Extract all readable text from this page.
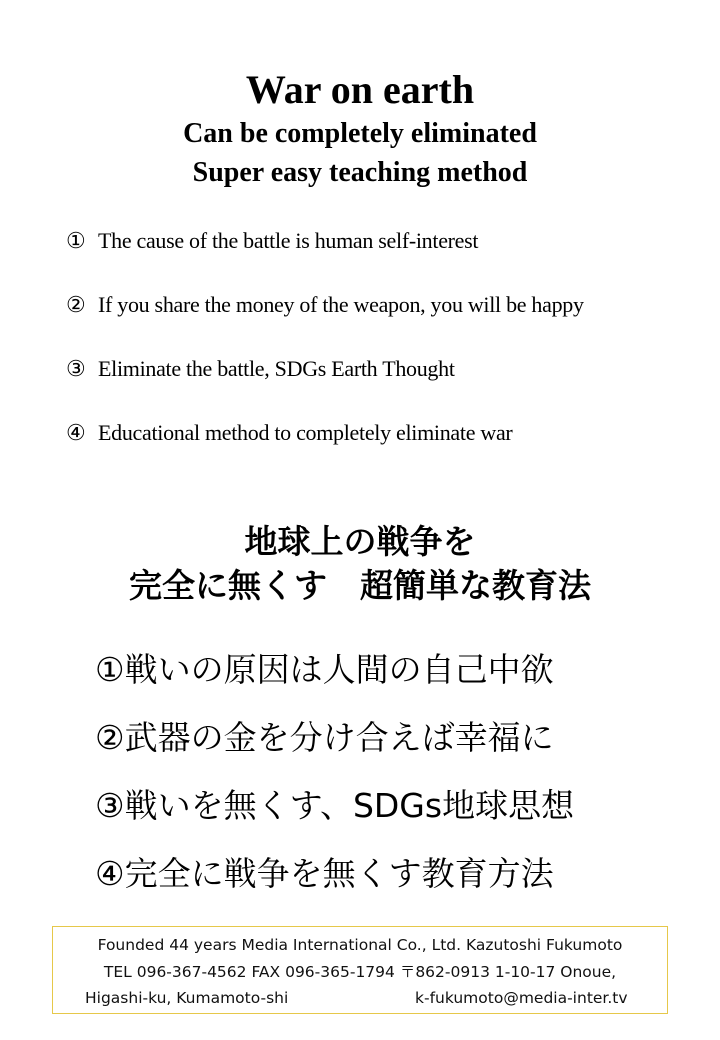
War on earth
Can be completely eliminated
Super easy teaching method
① The cause of the battle is human self-interest
② If you share the money of the weapon, you will be happy
③ Eliminate the battle, SDGs Earth Thought
④ Educational method to completely eliminate war
地球上の戦争を
完全に無くす　超簡単な教育法
①戦いの原因は人間の自己中欲
②武器の金を分け合えば幸福に
③戦いを無くす、SDGs地球思想
④完全に戦争を無くす教育方法
Founded 44 years Media International Co., Ltd. Kazutoshi Fukumoto
TEL 096-367-4562 FAX 096-365-1794 〒862-0913 1-10-17 Onoue,
Higashi-ku, Kumamoto-shi	k-fukumoto@media-inter.tv
